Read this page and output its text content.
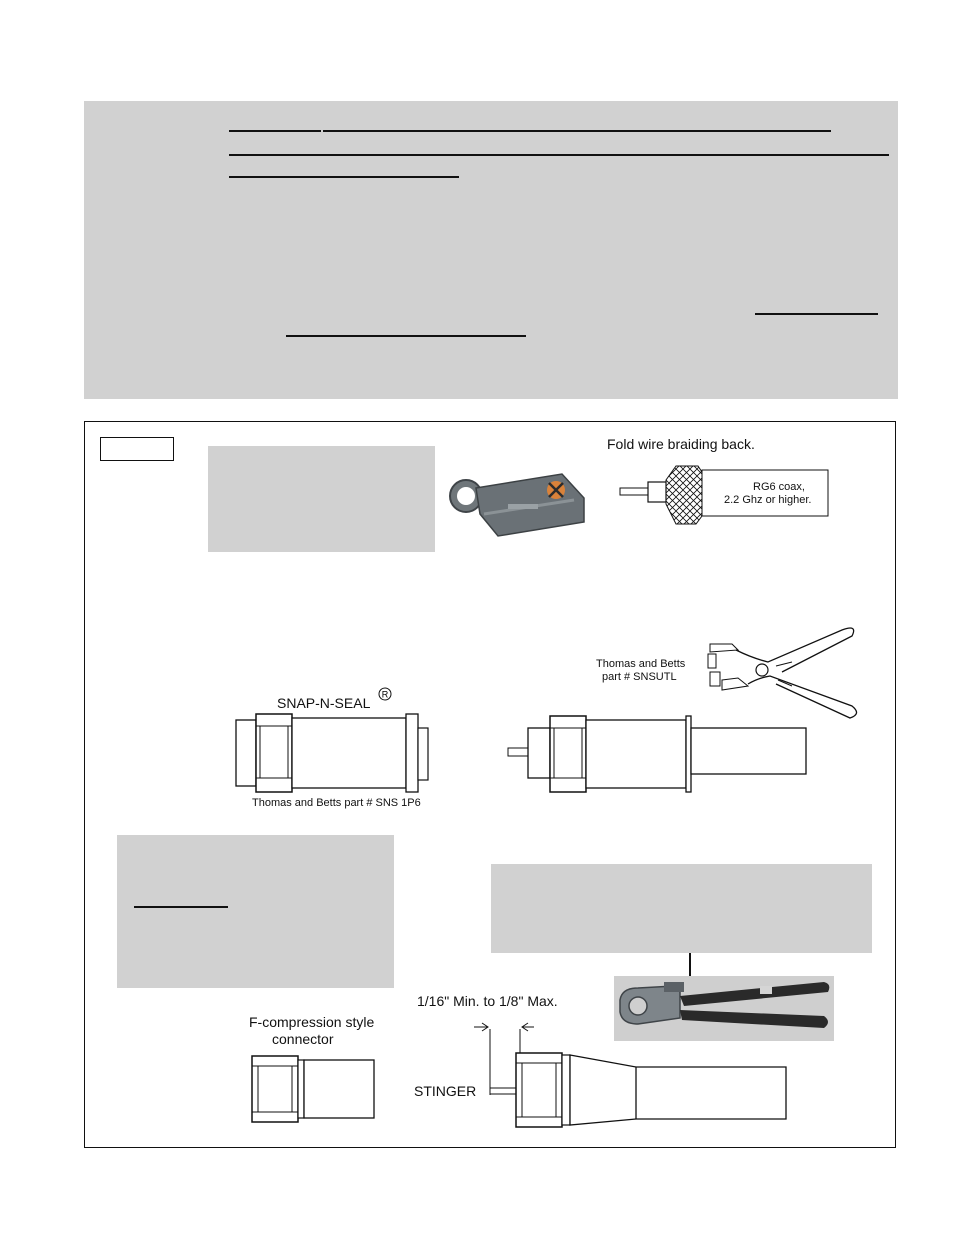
Fold wire braiding back.
RG6 coax,
2.2 Ghz or higher.
SNAP-N-SEAL
R
Thomas and Betts part # SNS 1P6
Thomas and Betts
part # SNSUTL
F-compression style
connector
1/16" Min. to 1/8" Max.
STINGER
